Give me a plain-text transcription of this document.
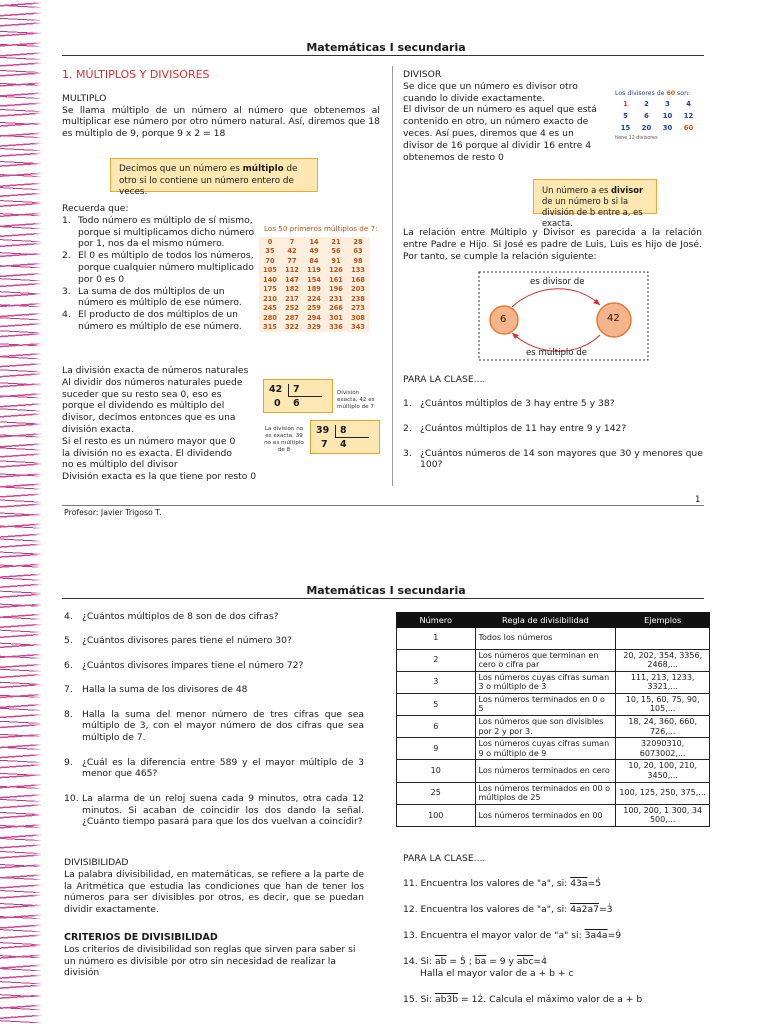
Matemáticas I secundaria
1. MÚLTIPLOS Y DIVISORES
MULTIPLO
Se llama múltiplo de un número al número que obtenemos al multiplicar ese número por otro número natural. Así, diremos que 18 es múltiplo de 9, porque 9 x 2 = 18
Decimos que un número es múltiplo de otro si lo contiene un número entero de veces.
Recuerda que:
1. Todo número es múltiplo de sí mismo, porque si multiplicamos dicho número por 1, nos da el mismo número.
2. El 0 es múltiplo de todos los números, porque cualquier número multiplicado por 0 es 0
3. La suma de dos múltiplos de un número es múltiplo de ese número.
4. El producto de dos múltiplos de un número es múltiplo de ese número.
Los 50 primeros múltiplos de 7:
0	7	14	21	28
35	42	49	56	63
70	77	84	91	98
105	112	119	126	133
140	147	154	161	168
175	182	189	196	203
210	217	224	231	238
245	252	259	266	273
280	287	294	301	308
315	322	329	336	343
La división exacta de números naturales
Al dividir dos números naturales puede
suceder que su resto sea 0, eso es
porque el dividendo es múltiplo del
divisor, decimos entonces que es una
división exacta.
Si el resto es un número mayor que 0
la división no es exacta. El dividendo
no es múltiplo del divisor
División exacta es la que tiene por resto 0
42 7
0 6
División exacta, 42 es múltiplo de 7
La división no es exacta, 39 no es múltiplo de 8
39 8
7 4
DIVISOR
Se dice que un número es divisor otro
cuando lo divide exactamente.
El divisor de un número es aquel que está
contenido en otro, un número exacto de
veces. Así pues, diremos que 4 es un
divisor de 16 porque al dividir 16 entre 4
obtenemos de resto 0
Los divisores de 60 son:
1	2	3	4
5	6	10	12
15	20	30	60
tiene 12 divisores
Un número a es divisor de un número b si la división de b entre a, es exacta.
La relación entre Múltiplo y Divisor es parecida a la relación entre Padre e Hijo. Si José es padre de Luis, Luis es hijo de José. Por tanto, se cumple la relación siguiente:
es divisor de
es múltiplo de
6	42
PARA LA CLASE....
1. ¿Cuántos múltiplos de 3 hay entre 5 y 38?
2. ¿Cuántos múltiplos de 11 hay entre 9 y 142?
3. ¿Cuántos números de 14 son mayores que 30 y menores que 100?
1
Profesor: Javier Trigoso T.
Matemáticas I secundaria
4. ¿Cuántos múltiplos de 8 son de dos cifras?
5. ¿Cuántos divisores pares tiene el número 30?
6. ¿Cuántos divisores impares tiene el número 72?
7. Halla la suma de los divisores de 48
8. Halla la suma del menor número de tres cifras que sea múltiplo de 3, con el mayor número de dos cifras que sea múltiplo de 7.
9. ¿Cuál es la diferencia entre 589 y el mayor múltiplo de 3 menor que 465?
10. La alarma de un reloj suena cada 9 minutos, otra cada 12 minutos. Si acaban de coincidir los dos dando la señal. ¿Cuánto tiempo pasará para que los dos vuelvan a coincidir?
DIVISIBILIDAD
La palabra divisibilidad, en matemáticas, se refiere a la parte de la Aritmética que estudia las condiciones que han de tener los números para ser divisibles por otros, es decir, que se puedan dividir exactamente.
CRITERIOS DE DIVISIBILIDAD
Los criterios de divisibilidad son reglas que sirven para saber si un número es divisible por otro sin necesidad de realizar la división
Número	Regla de divisibilidad	Ejemplos
1	Todos los números	
2	Los números que terminan en cero o cifra par	20, 202, 354, 3356, 2468,...
3	Los números cuyas cifras suman 3 o múltiplo de 3	111, 213, 1233, 3321,...
5	Los números terminados en 0 o 5	10, 15, 60, 75, 90, 105,...
6	Los números que son divisibles por 2 y por 3.	18, 24, 360, 660, 726,...
9	Los números cuyas cifras suman 9 o múltiplo de 9	32090310, 6073002,...
10	Los números terminados en cero	10, 20, 100, 210, 3450,...
25	Los números terminados en 00 o múltiplos de 25	100, 125, 250, 375,...
100	Los números terminados en 00	100, 200, 1 300, 34 500,...
PARA LA CLASE....
11. Encuentra los valores de "a", si: 43a=5̇
12. Encuentra los valores de "a", si: 4a2a7=3̇
13. Encuentra el mayor valor de "a" si: 3a4a=9̇
14. Si: $\overline{ab}$ = 5̇ ; $\overline{ba} = 9$ y $\overline{abc}=4̇$
Halla el mayor valor de a + b + c
15. Si: ab3b = 12̇. Calcula el máximo valor de a + b
